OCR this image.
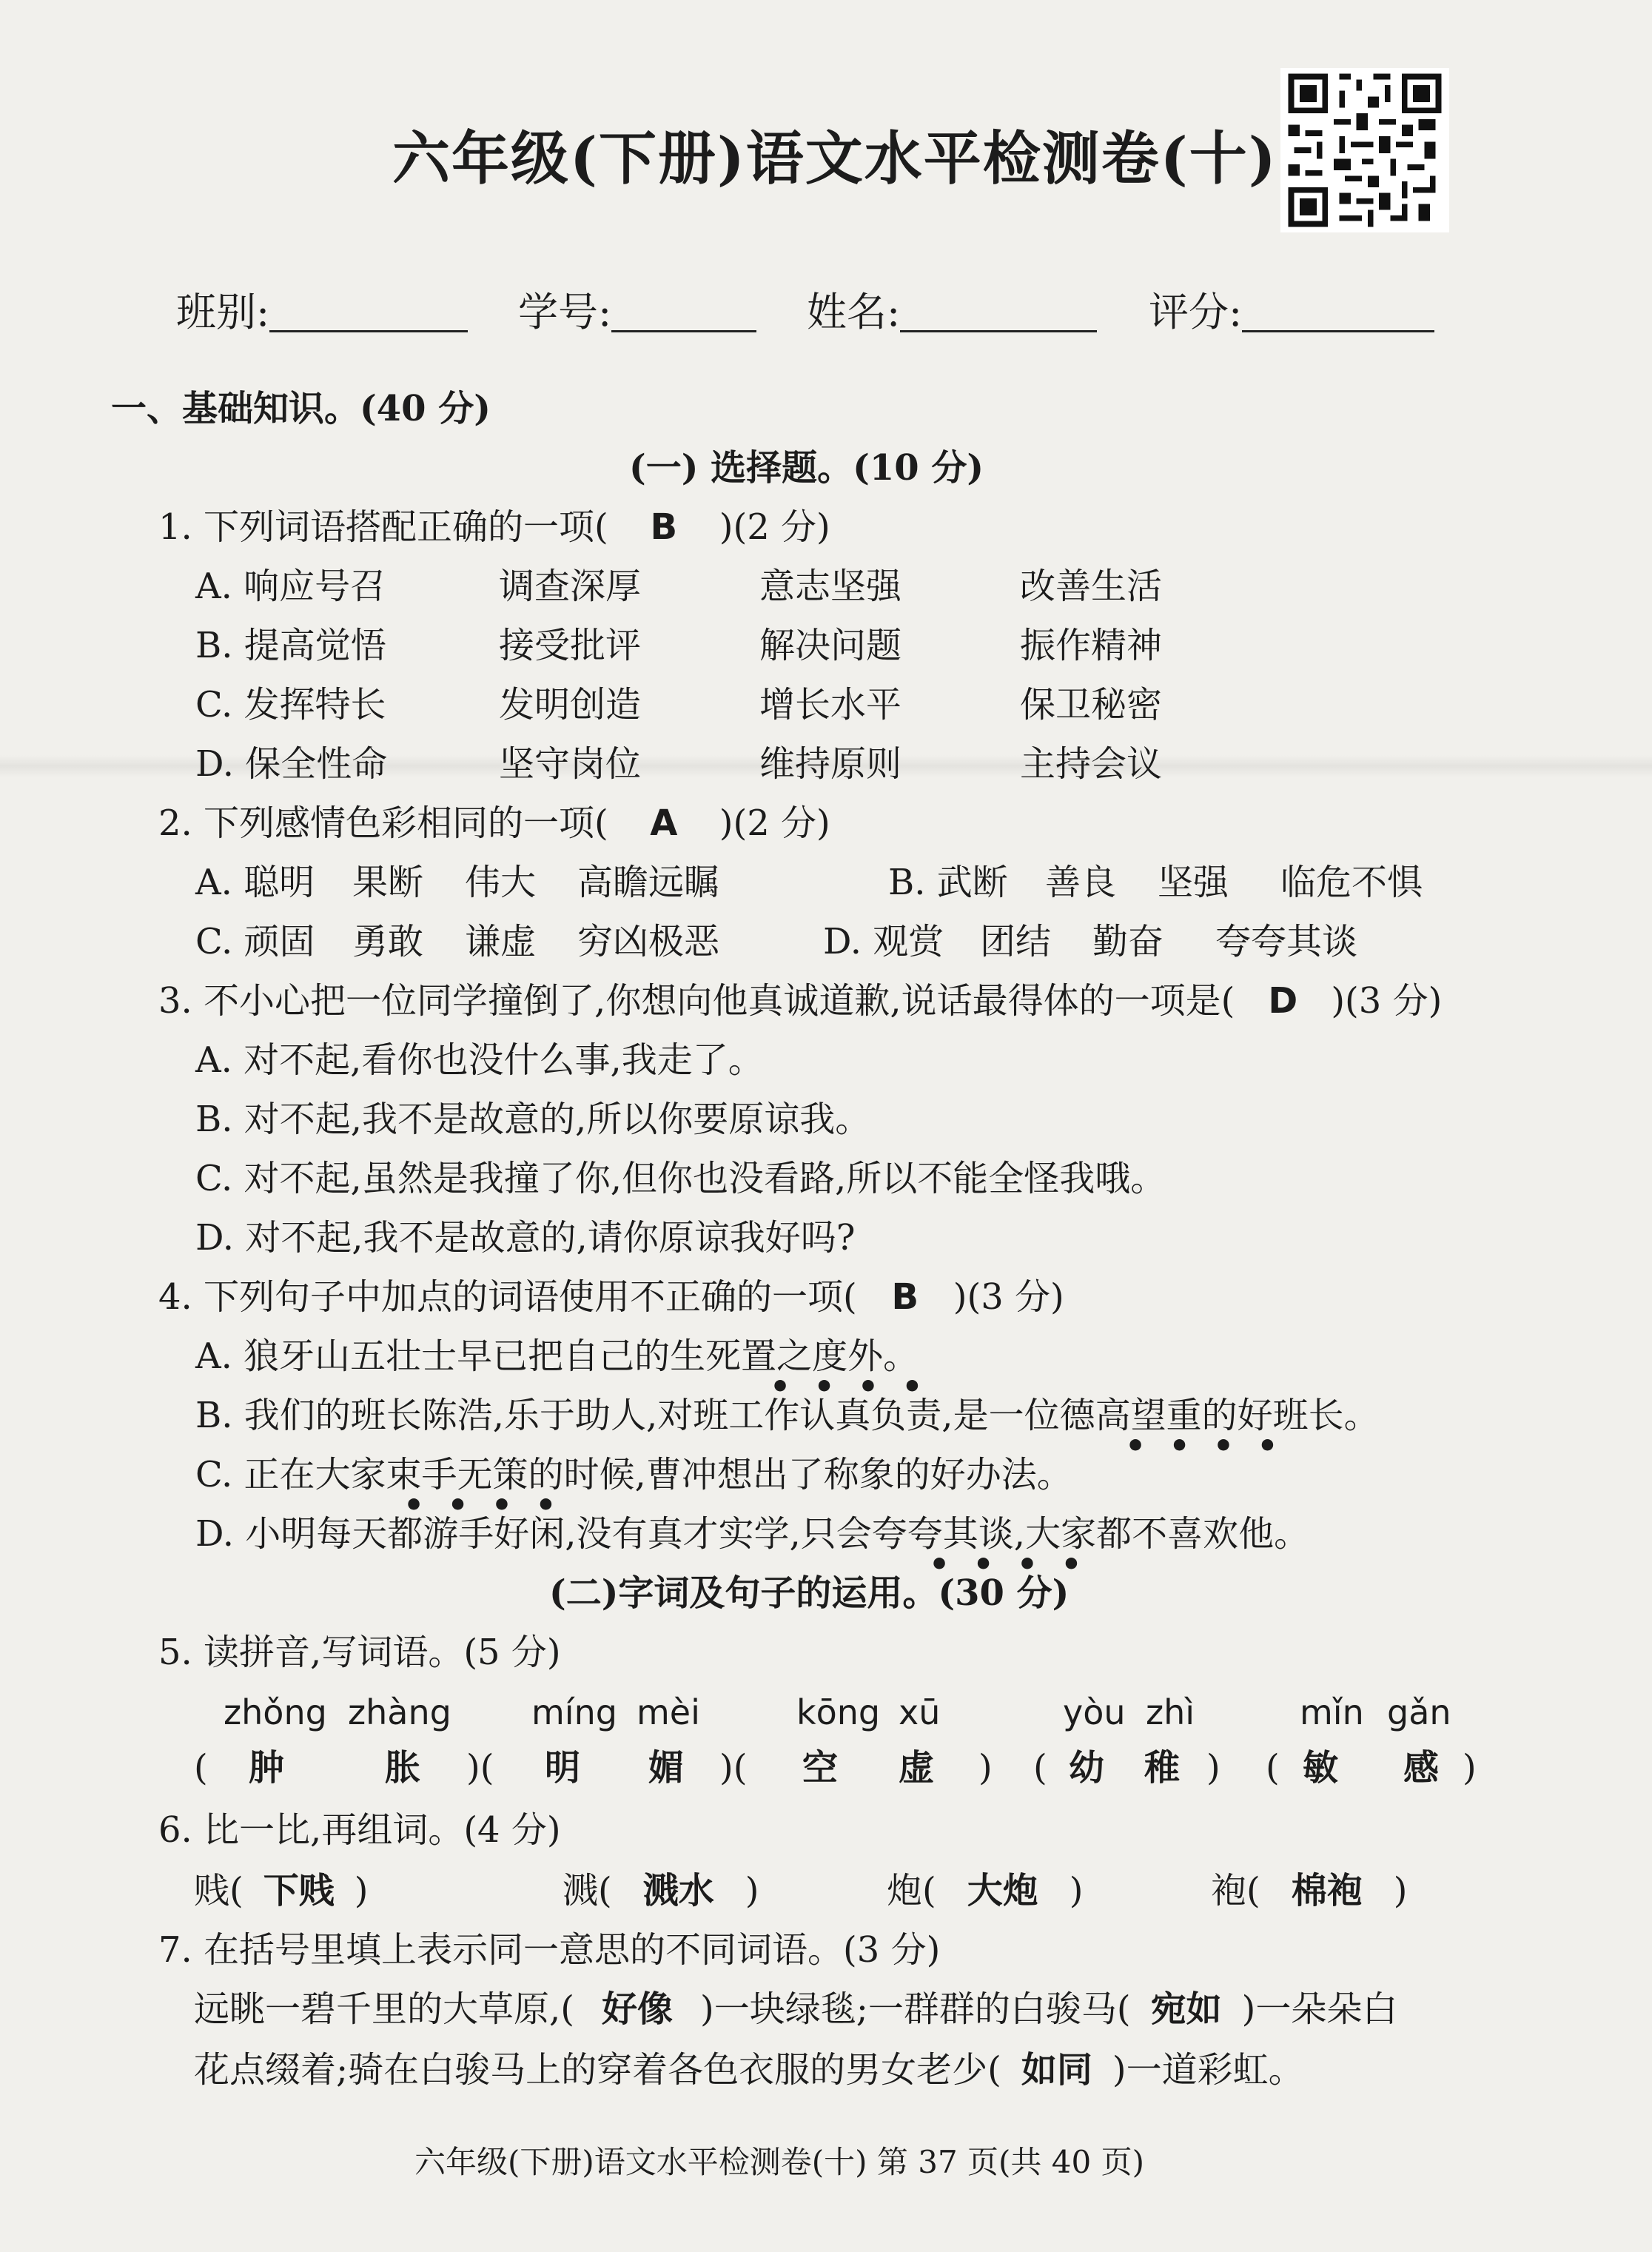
六年级(下册)语文水平检测卷(十)
班别:	学号:	姓名:	评分:
一、基础知识。(40 分)
(一) 选择题。(10 分)
1. 下列词语搭配正确的一项( B )(2 分)
A. 响应号召	调查深厚	意志坚强	改善生活
B. 提高觉悟	接受批评	解决问题	振作精神
C. 发挥特长	发明创造	增长水平	保卫秘密
D. 保全性命	坚守岗位	维持原则	主持会议
2. 下列感情色彩相同的一项( A )(2 分)
A. 聪明 果断 伟大 高瞻远瞩	B. 武断 善良 坚强 临危不惧
C. 顽固 勇敢 谦虚 穷凶极恶	D. 观赏 团结 勤奋 夸夸其谈
3. 不小心把一位同学撞倒了,你想向他真诚道歉,说话最得体的一项是( D )(3 分)
A. 对不起,看你也没什么事,我走了。
B. 对不起,我不是故意的,所以你要原谅我。
C. 对不起,虽然是我撞了你,但你也没看路,所以不能全怪我哦。
D. 对不起,我不是故意的,请你原谅我好吗?
4. 下列句子中加点的词语使用不正确的一项( B )(3 分)
A. 狼牙山五壮士早已把自己的生死置之度外。
• • • •
B. 我们的班长陈浩,乐于助人,对班工作认真负责,是一位德高望重的好班长。
• • • •
C. 正在大家束手无策的时候,曹冲想出了称象的好办法。
• • • •
D. 小明每天都游手好闲,没有真才实学,只会夸夸其谈,大家都不喜欢他。
• • • •
(二)字词及句子的运用。(30 分)
5. 读拼音,写词语。(5 分)
zhǒng zhàng míng mèi	kōng xū	yòu zhì	mǐn gǎn
( 肿	胀 )( 明 媚 )( 空 虚 ) ( 幼 稚 ) ( 敏 感 )
6. 比一比,再组词。(4 分)
贱( 下贱 )	溅( 溅水 )	炮( 大炮 )	袍( 棉袍 )
7. 在括号里填上表示同一意思的不同词语。(3 分)
远眺一碧千里的大草原,( 好像 )一块绿毯;一群群的白骏马( 宛如 )一朵朵白
花点缀着;骑在白骏马上的穿着各色衣服的男女老少( 如同 )一道彩虹。
六年级(下册)语文水平检测卷(十) 第 37 页(共 40 页)
